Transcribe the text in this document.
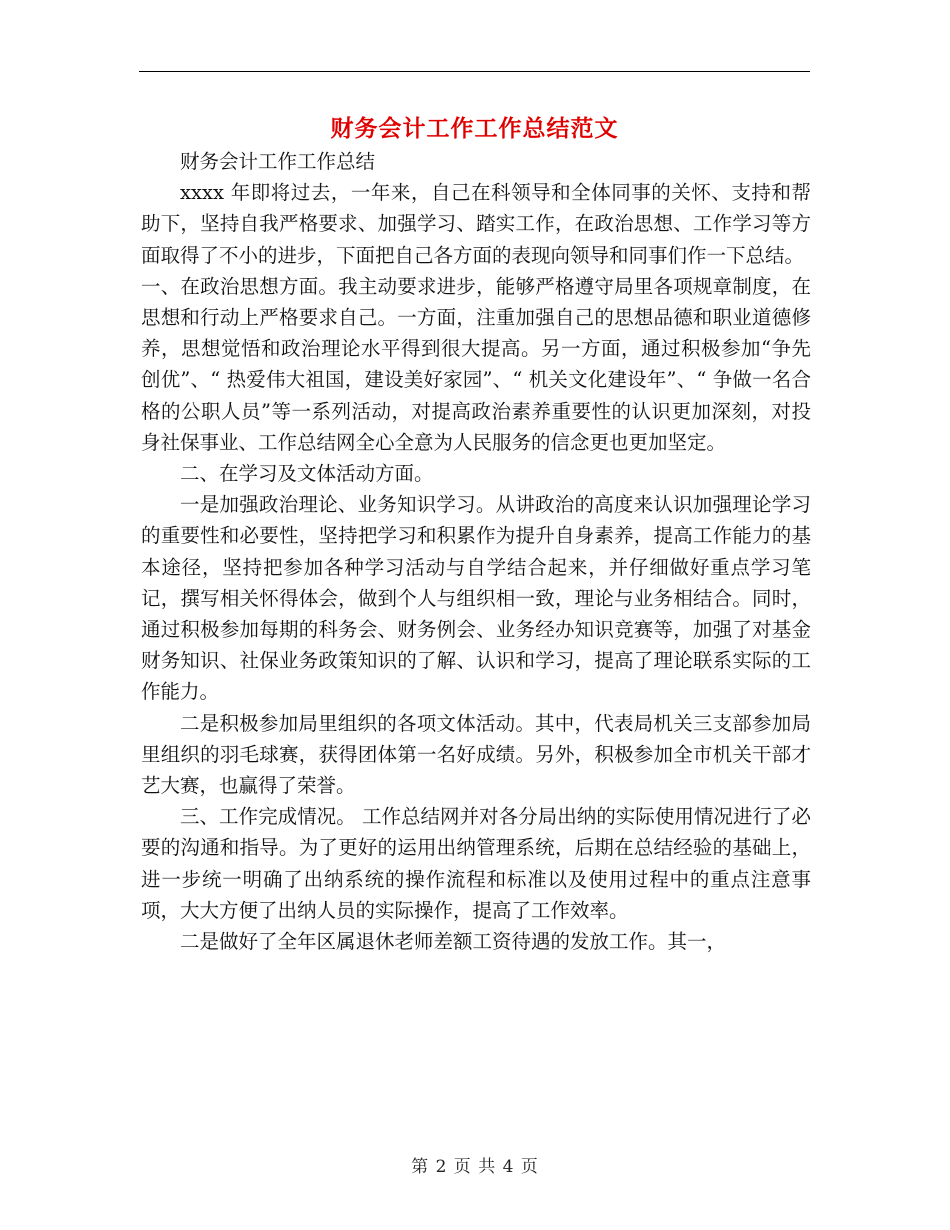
财务会计工作工作总结范文

财务会计工作工作总结

xxxx 年即将过去，一年来，自己在科领导和全体同事的关怀、支持和帮助下，坚持自我严格要求、加强学习、踏实工作，在政治思想、工作学习等方面取得了不小的进步，下面把自己各方面的表现向领导和同事们作一下总结。

一、在政治思想方面。我主动要求进步，能够严格遵守局里各项规章制度，在思想和行动上严格要求自己。一方面，注重加强自己的思想品德和职业道德修养，思想觉悟和政治理论水平得到很大提高。另一方面，通过积极参加“争先创优”、“ 热爱伟大祖国，建设美好家园”、“ 机关文化建设年”、“ 争做一名合格的公职人员”等一系列活动，对提高政治素养重要性的认识更加深刻，对投身社保事业、工作总结网全心全意为人民服务的信念更也更加坚定。

二、在学习及文体活动方面。

一是加强政治理论、业务知识学习。从讲政治的高度来认识加强理论学习的重要性和必要性，坚持把学习和积累作为提升自身素养，提高工作能力的基本途径，坚持把参加各种学习活动与自学结合起来，并仔细做好重点学习笔记，撰写相关怀得体会，做到个人与组织相一致，理论与业务相结合。同时，通过积极参加每期的科务会、财务例会、业务经办知识竞赛等，加强了对基金财务知识、社保业务政策知识的了解、认识和学习，提高了理论联系实际的工作能力。

二是积极参加局里组织的各项文体活动。其中，代表局机关三支部参加局里组织的羽毛球赛，获得团体第一名好成绩。另外，积极参加全市机关干部才艺大赛，也赢得了荣誉。

三、工作完成情况。 工作总结网并对各分局出纳的实际使用情况进行了必要的沟通和指导。为了更好的运用出纳管理系统，后期在总结经验的基础上，进一步统一明确了出纳系统的操作流程和标准以及使用过程中的重点注意事项，大大方便了出纳人员的实际操作，提高了工作效率。

二是做好了全年区属退休老师差额工资待遇的发放工作。其一，

第 2 页 共 4 页
